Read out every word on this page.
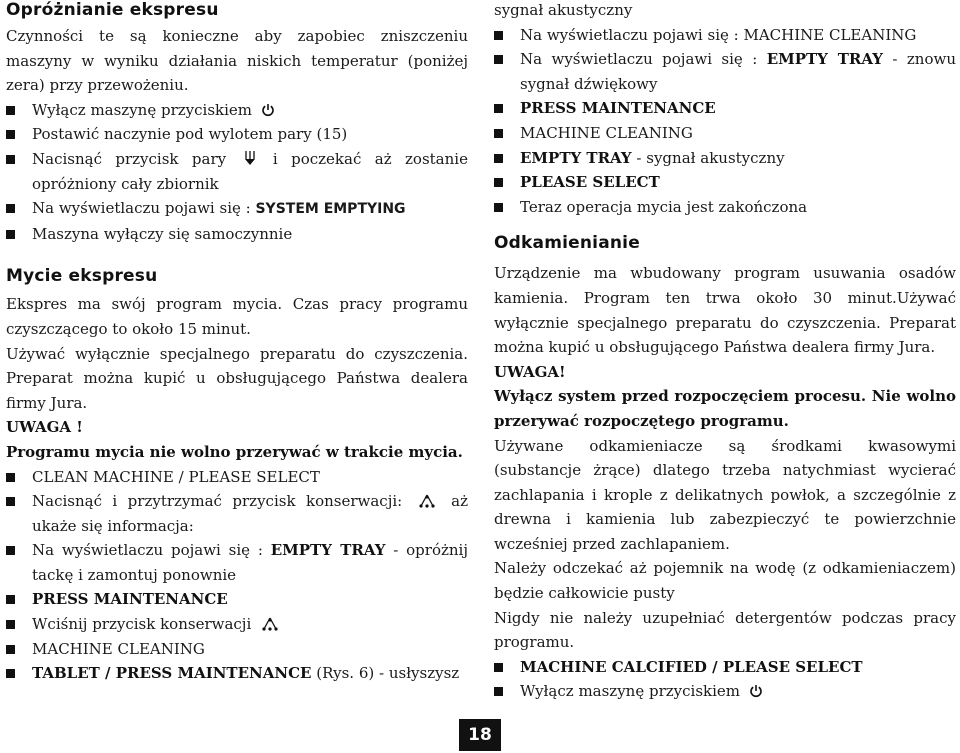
Opróżnianie ekspresu

Czynności te są konieczne aby zapobiec zniszczeniu maszyny w wyniku działania niskich temperatur (poniżej zera) przy przewożeniu.

Wyłącz maszynę przyciskiem
Postawić naczynie pod wylotem pary (15)
Nacisnąć przycisk pary	i poczekać aż zostanie opróżniony cały zbiornik
Na wyświetlaczu pojawi się : SYSTEM EMPTYING
Maszyna wyłączy się samoczynnie
Mycie ekspresu

Ekspres ma swój program mycia. Czas pracy programu czyszczącego to około 15 minut.

Używać wyłącznie specjalnego preparatu do czyszczenia. Preparat można kupić u obsługującego Państwa dealera firmy Jura.

UWAGA !

Programu mycia nie wolno przerywać w trakcie mycia.

CLEAN MACHINE / PLEASE SELECT
Nacisnąć i przytrzymać przycisk konserwacji:	aż ukaże się informacja:
Na wyświetlaczu pojawi się : EMPTY TRAY - opróżnij tackę i zamontuj ponownie
PRESS MAINTENANCE
Wciśnij przycisk konserwacji
MACHINE CLEANING
TABLET / PRESS MAINTENANCE (Rys. 6) - usłyszysz

sygnał akustyczny

Na wyświetlaczu pojawi się : MACHINE CLEANING
Na wyświetlaczu pojawi się : EMPTY TRAY - znowu sygnał dźwiękowy
PRESS MAINTENANCE
MACHINE CLEANING
EMPTY TRAY - sygnał akustyczny
PLEASE SELECT
Teraz operacja mycia jest zakończona
Odkamienianie

Urządzenie ma wbudowany program usuwania osadów kamienia. Program ten trwa około 30 minut.Używać wyłącznie specjalnego preparatu do czyszczenia. Preparat można kupić u obsługującego Państwa dealera firmy Jura.

UWAGA!

Wyłącz system przed rozpoczęciem procesu. Nie wolno przerywać rozpoczętego programu.

Używane odkamieniacze są środkami kwasowymi (substancje żrące) dlatego trzeba natychmiast wycierać zachlapania i krople z delikatnych powłok, a szczególnie z drewna i kamienia lub zabezpieczyć te powierzchnie wcześniej przed zachlapaniem.

Należy odczekać aż pojemnik na wodę (z odkamieniaczem) będzie całkowicie pusty

Nigdy nie należy uzupełniać detergentów podczas pracy programu.

MACHINE CALCIFIED / PLEASE SELECT
Wyłącz maszynę przyciskiem
18
